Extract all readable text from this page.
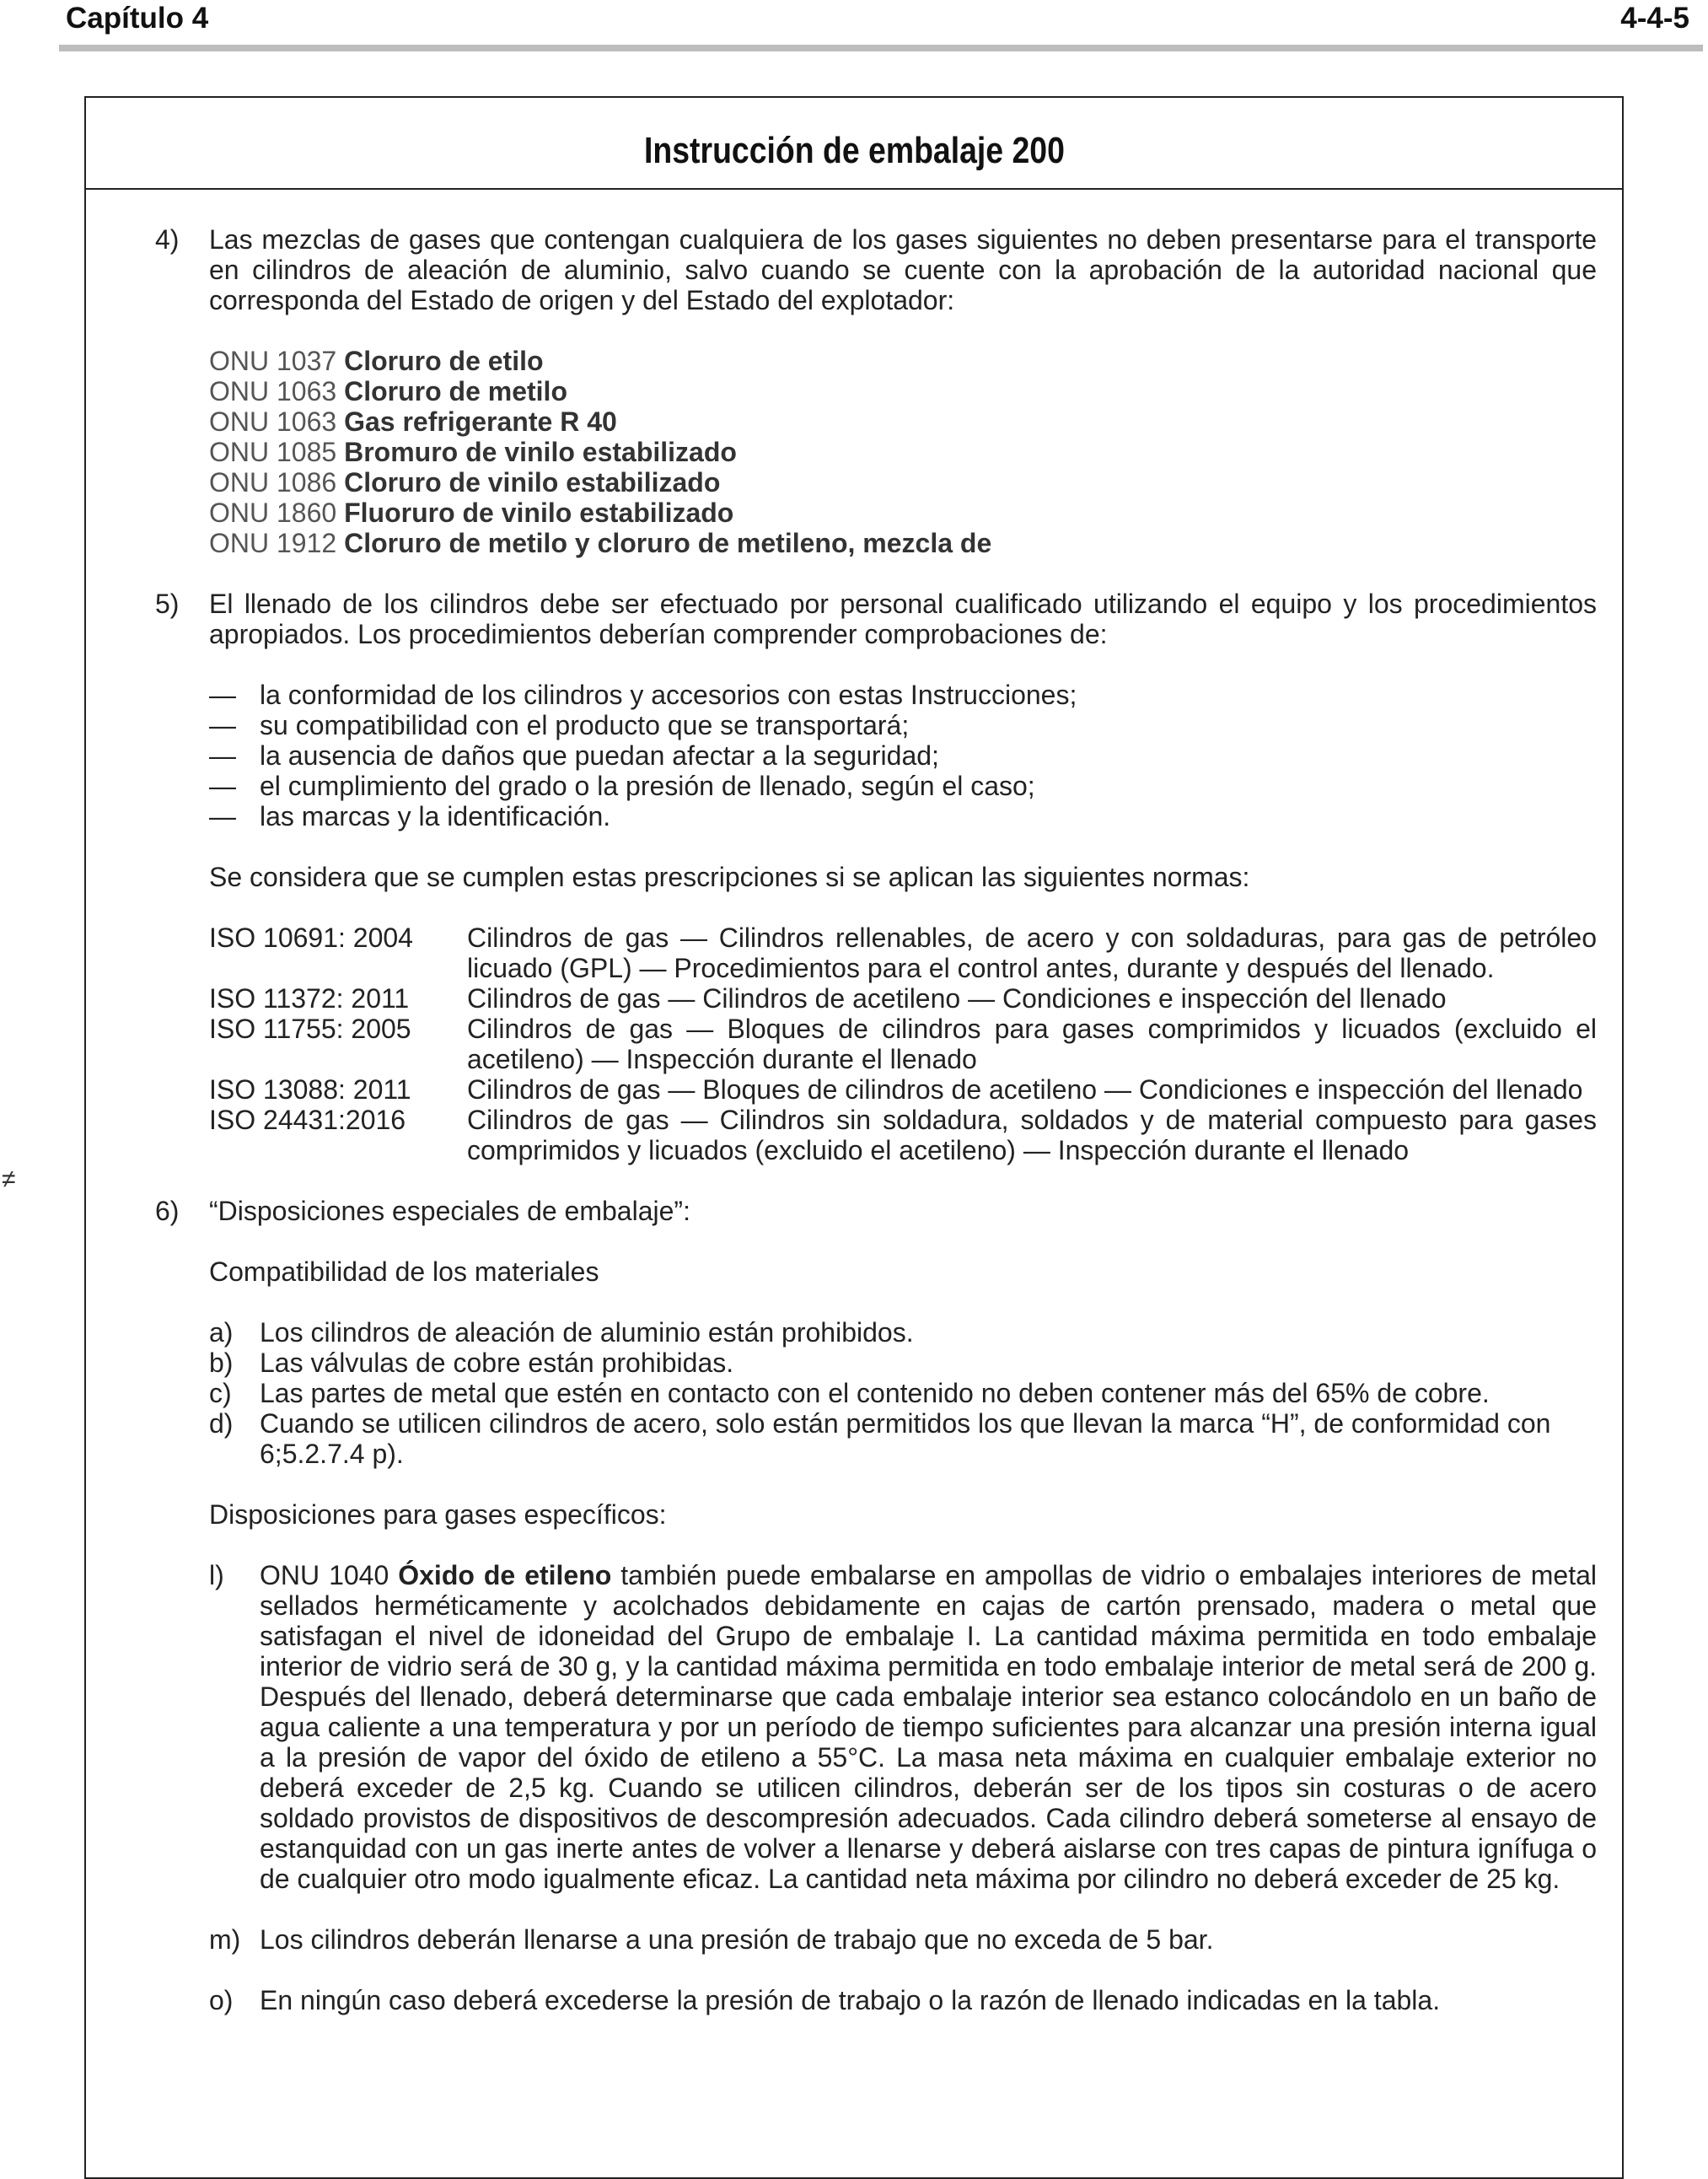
Capítulo 4	4-4-5
≠
Instrucción de embalaje 200
4) Las mezclas de gases que contengan cualquiera de los gases siguientes no deben presentarse para el transporte en cilindros de aleación de aluminio, salvo cuando se cuente con la aprobación de la autoridad nacional que corresponda del Estado de origen y del Estado del explotador:

ONU 1037 Cloruro de etilo
ONU 1063 Cloruro de metilo
ONU 1063 Gas refrigerante R 40
ONU 1085 Bromuro de vinilo estabilizado
ONU 1086 Cloruro de vinilo estabilizado
ONU 1860 Fluoruro de vinilo estabilizado
ONU 1912 Cloruro de metilo y cloruro de metileno, mezcla de
5) El llenado de los cilindros debe ser efectuado por personal cualificado utilizando el equipo y los procedimientos apropiados. Los procedimientos deberían comprender comprobaciones de:

— la conformidad de los cilindros y accesorios con estas Instrucciones;
— su compatibilidad con el producto que se transportará;
— la ausencia de daños que puedan afectar a la seguridad;
— el cumplimiento del grado o la presión de llenado, según el caso;
— las marcas y la identificación.

Se considera que se cumplen estas prescripciones si se aplican las siguientes normas:

ISO 10691: 2004 Cilindros de gas — Cilindros rellenables, de acero y con soldaduras, para gas de petróleo licuado (GPL) — Procedimientos para el control antes, durante y después del llenado.

ISO 11372: 2011 Cilindros de gas — Cilindros de acetileno — Condiciones e inspección del llenado

ISO 11755: 2005 Cilindros de gas — Bloques de cilindros para gases comprimidos y licuados (excluido el acetileno) — Inspección durante el llenado

ISO 13088: 2011 Cilindros de gas — Bloques de cilindros de acetileno — Condiciones e inspección del llenado

ISO 24431:2016 Cilindros de gas — Cilindros sin soldadura, soldados y de material compuesto para gases comprimidos y licuados (excluido el acetileno) — Inspección durante el llenado

6) “Disposiciones especiales de embalaje”:

Compatibilidad de los materiales

a) Los cilindros de aleación de aluminio están prohibidos.
b) Las válvulas de cobre están prohibidas.
c) Las partes de metal que estén en contacto con el contenido no deben contener más del 65% de cobre.
d) Cuando se utilicen cilindros de acero, solo están permitidos los que llevan la marca “H”, de conformidad con 6;5.2.7.4 p).

Disposiciones para gases específicos:

l) ONU 1040 Óxido de etileno también puede embalarse en ampollas de vidrio o embalajes interiores de metal sellados herméticamente y acolchados debidamente en cajas de cartón prensado, madera o metal que satisfagan el nivel de idoneidad del Grupo de embalaje I. La cantidad máxima permitida en todo embalaje interior de vidrio será de 30 g, y la cantidad máxima permitida en todo embalaje interior de metal será de 200 g. Después del llenado, deberá determinarse que cada embalaje interior sea estanco colocándolo en un baño de agua caliente a una temperatura y por un período de tiempo suficientes para alcanzar una presión interna igual a la presión de vapor del óxido de etileno a 55°C. La masa neta máxima en cualquier embalaje exterior no deberá exceder de 2,5 kg. Cuando se utilicen cilindros, deberán ser de los tipos sin costuras o de acero soldado provistos de dispositivos de descompresión adecuados. Cada cilindro deberá someterse al ensayo de estanquidad con un gas inerte antes de volver a llenarse y deberá aislarse con tres capas de pintura ignífuga o de cualquier otro modo igualmente eficaz. La cantidad neta máxima por cilindro no deberá exceder de 25 kg.

m) Los cilindros deberán llenarse a una presión de trabajo que no exceda de 5 bar.
o) En ningún caso deberá excederse la presión de trabajo o la razón de llenado indicadas en la tabla.
